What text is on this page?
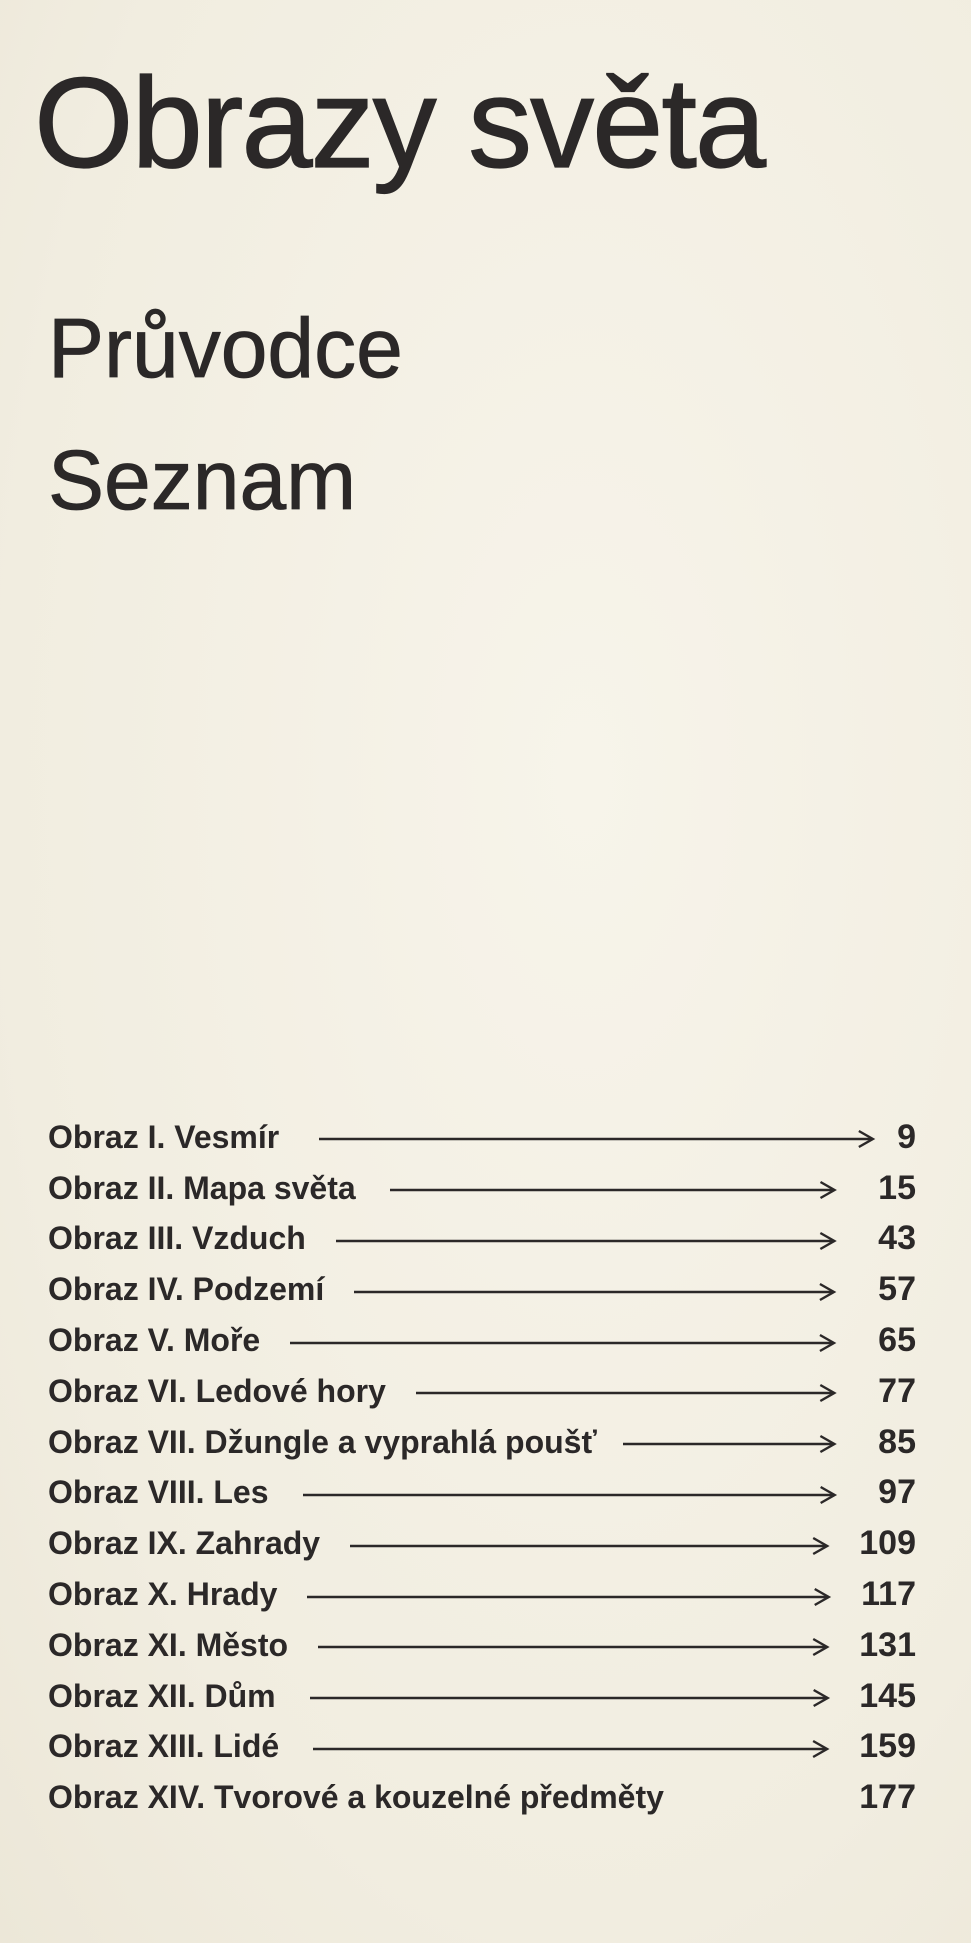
Obrazy světa
Průvodce
Seznam
Obraz I. Vesmír	9
Obraz II. Mapa světa	15
Obraz III. Vzduch	43
Obraz IV. Podzemí	57
Obraz V. Moře	65
Obraz VI. Ledové hory	77
Obraz VII. Džungle a vyprahlá poušť	85
Obraz VIII. Les	97
Obraz IX. Zahrady	109
Obraz X. Hrady	117
Obraz XI. Město	131
Obraz XII. Dům	145
Obraz XIII. Lidé	159
Obraz XIV. Tvorové a kouzelné předměty	177
